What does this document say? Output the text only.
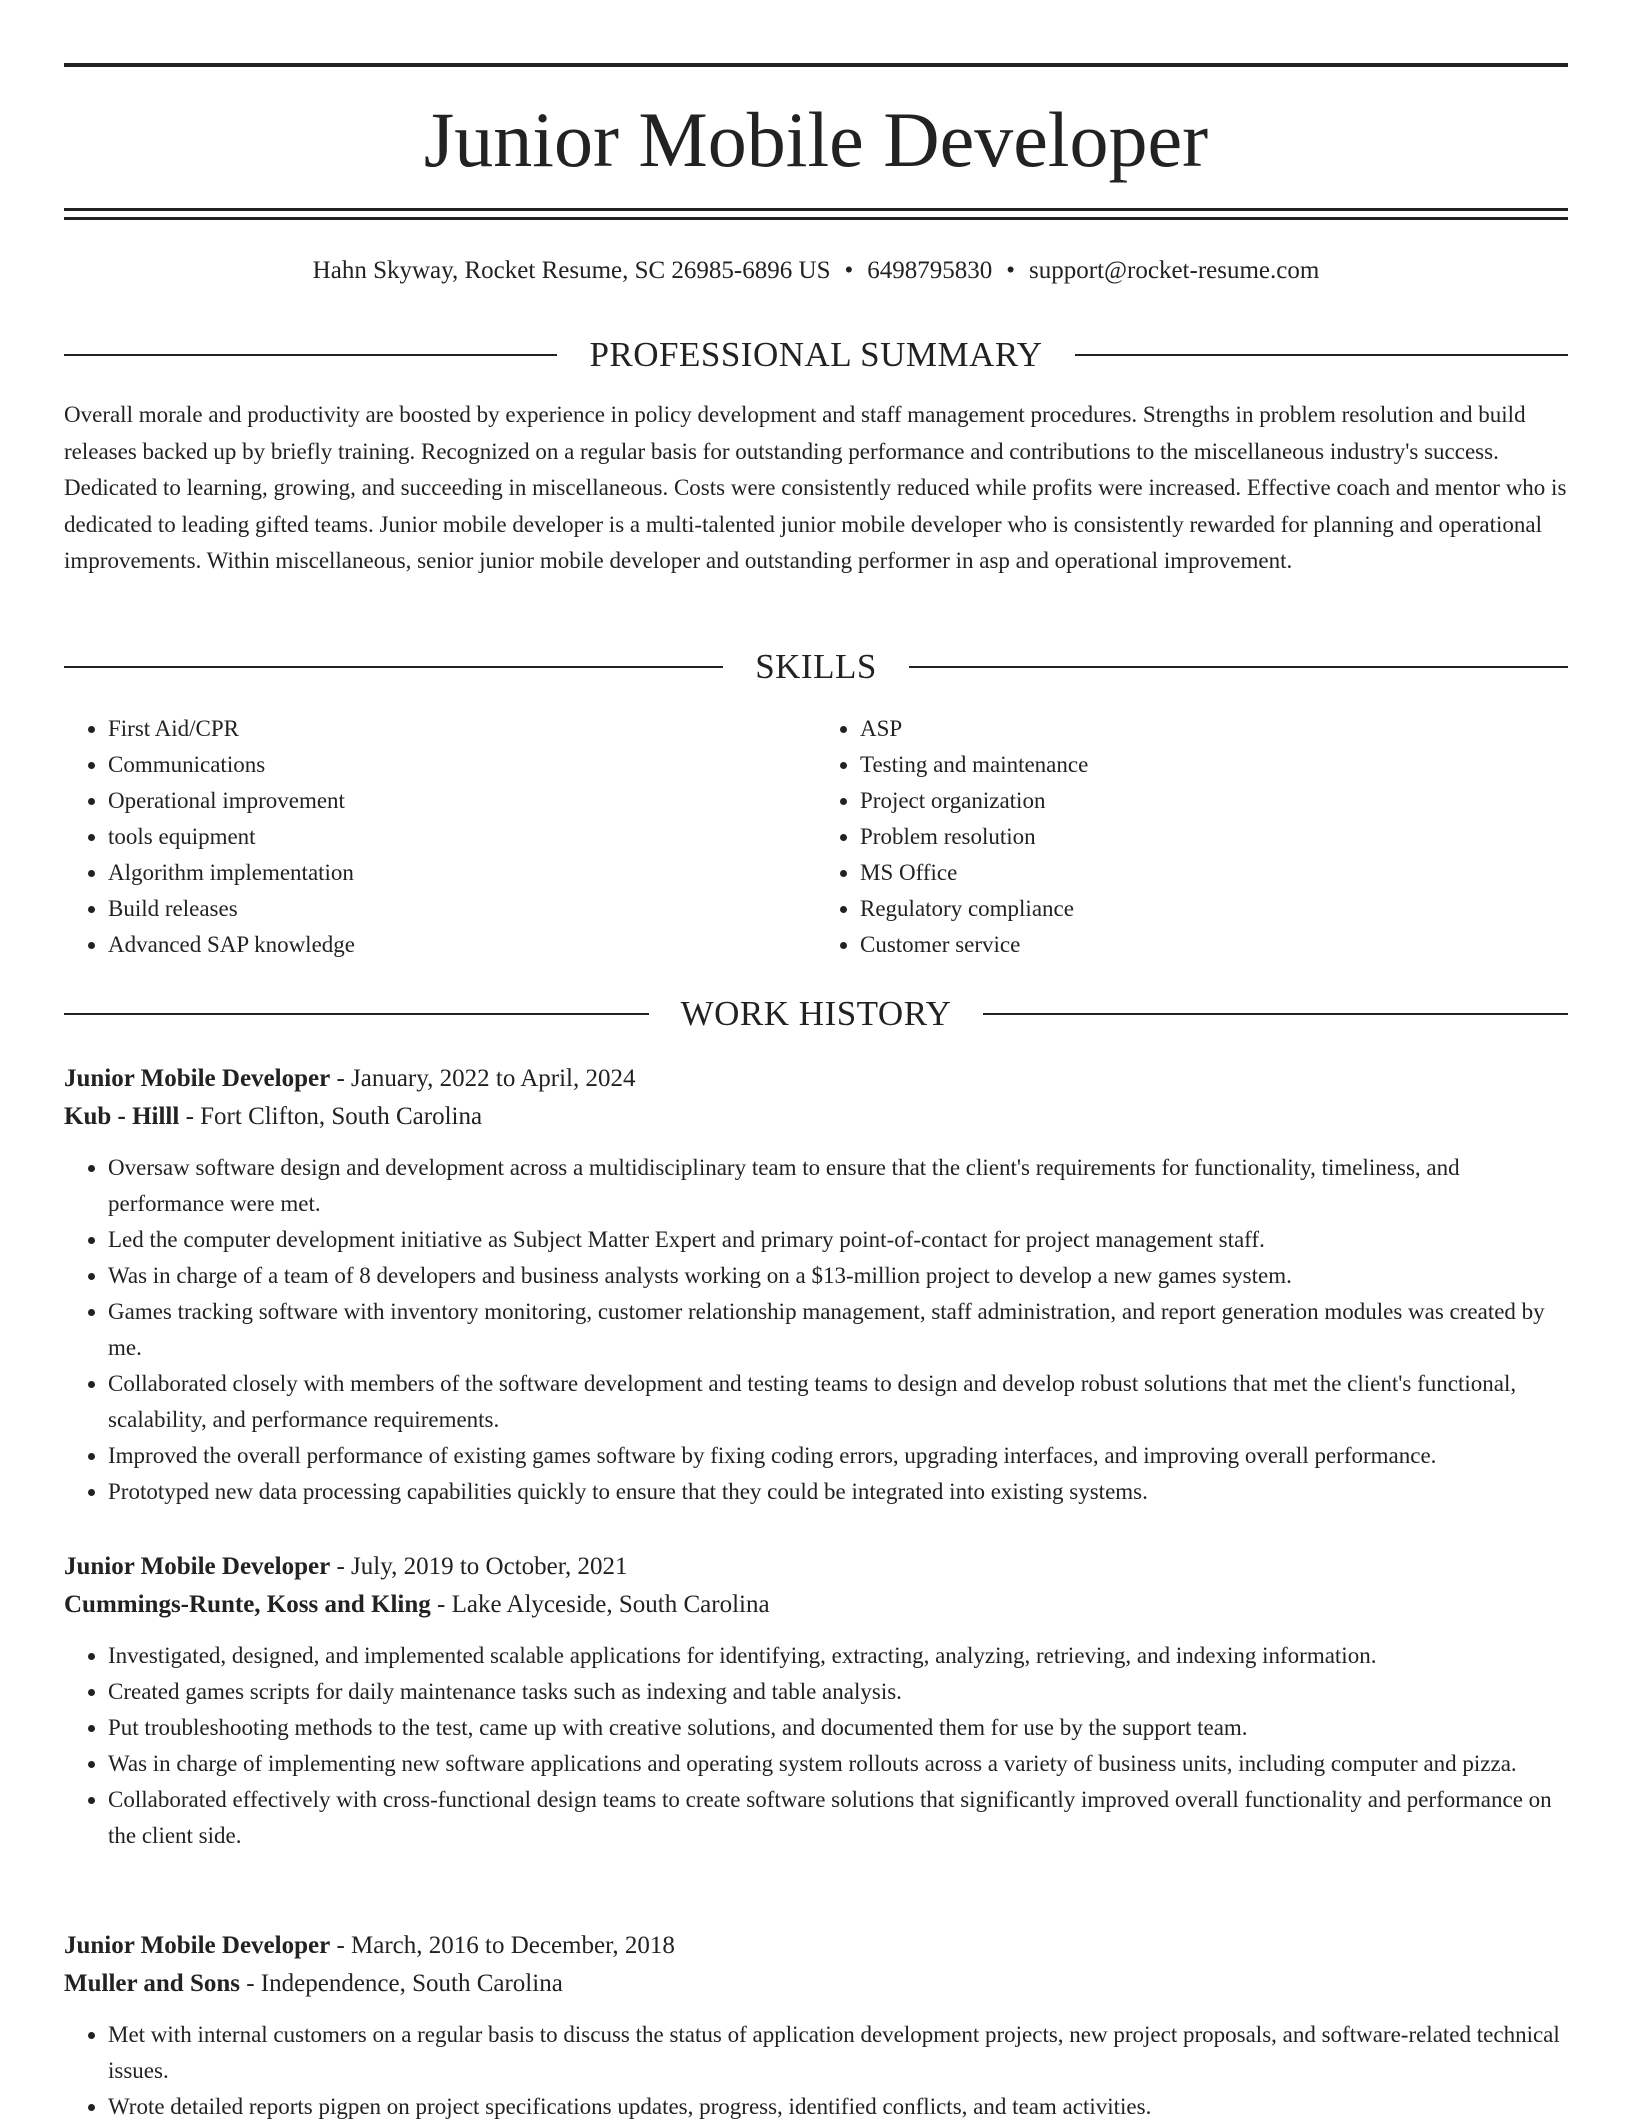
Junior Mobile Developer
Hahn Skyway, Rocket Resume, SC 26985-6896 US • 6498795830 • support@rocket-resume.com
PROFESSIONAL SUMMARY

Overall morale and productivity are boosted by experience in policy development and staff management procedures. Strengths in problem resolution and build releases backed up by briefly training. Recognized on a regular basis for outstanding performance and contributions to the miscellaneous industry's success. Dedicated to learning, growing, and succeeding in miscellaneous. Costs were consistently reduced while profits were increased. Effective coach and mentor who is dedicated to leading gifted teams. Junior mobile developer is a multi-talented junior mobile developer who is consistently rewarded for planning and operational improvements. Within miscellaneous, senior junior mobile developer and outstanding performer in asp and operational improvement.

SKILLS
• First Aid/CPR
• Communications
• Operational improvement
• tools equipment
• Algorithm implementation
• Build releases
• Advanced SAP knowledge
• ASP
• Testing and maintenance
• Project organization
• Problem resolution
• MS Office
• Regulatory compliance
• Customer service
WORK HISTORY
Junior Mobile Developer - January, 2022 to April, 2024
Kub - Hilll - Fort Clifton, South Carolina
• Oversaw software design and development across a multidisciplinary team to ensure that the client's requirements for functionality, timeliness, and performance were met.
• Led the computer development initiative as Subject Matter Expert and primary point-of-contact for project management staff.
• Was in charge of a team of 8 developers and business analysts working on a $13-million project to develop a new games system.
• Games tracking software with inventory monitoring, customer relationship management, staff administration, and report generation modules was created by me.
• Collaborated closely with members of the software development and testing teams to design and develop robust solutions that met the client's functional, scalability, and performance requirements.
• Improved the overall performance of existing games software by fixing coding errors, upgrading interfaces, and improving overall performance.
• Prototyped new data processing capabilities quickly to ensure that they could be integrated into existing systems.
Junior Mobile Developer - July, 2019 to October, 2021
Cummings-Runte, Koss and Kling - Lake Alyceside, South Carolina
• Investigated, designed, and implemented scalable applications for identifying, extracting, analyzing, retrieving, and indexing information.
• Created games scripts for daily maintenance tasks such as indexing and table analysis.
• Put troubleshooting methods to the test, came up with creative solutions, and documented them for use by the support team.
• Was in charge of implementing new software applications and operating system rollouts across a variety of business units, including computer and pizza.
• Collaborated effectively with cross-functional design teams to create software solutions that significantly improved overall functionality and performance on the client side.
Junior Mobile Developer - March, 2016 to December, 2018
Muller and Sons - Independence, South Carolina
• Met with internal customers on a regular basis to discuss the status of application development projects, new project proposals, and software-related technical issues.
• Wrote detailed reports pigpen on project specifications updates, progress, identified conflicts, and team activities.
